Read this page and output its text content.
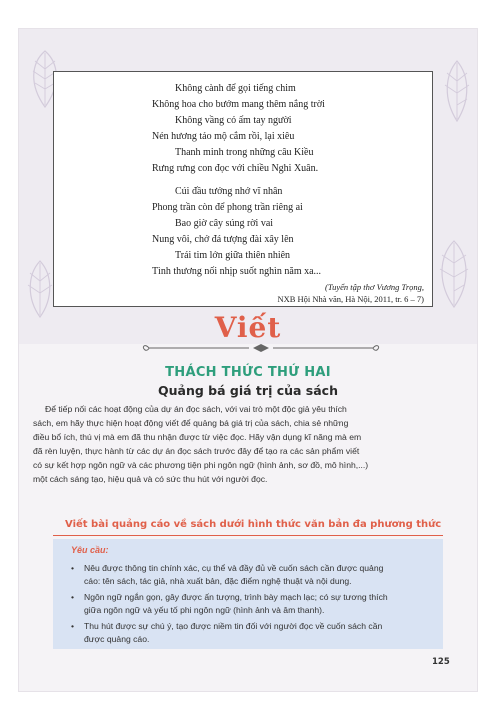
Không cành để gọi tiếng chim
Không hoa cho bướm mang thêm nắng trời
Không vầng cỏ ấm tay người
Nén hương tảo mộ cắm rồi, lại xiêu
Thanh minh trong những câu Kiều
Rưng rưng con đọc với chiều Nghi Xuân.
Cúi đầu tưởng nhớ vĩ nhân
Phong trần còn để phong trần riêng ai
Bao giờ cây súng rời vai
Nung vôi, chở đá tượng đài xây lên
Trái tim lớn giữa thiên nhiên
Tình thương nối nhịp suốt nghìn năm xa...
(Tuyển tập thơ Vương Trọng,
NXB Hội Nhà văn, Hà Nội, 2011, tr. 6 – 7)
Viết
THÁCH THỨC THỨ HAI
Quảng bá giá trị của sách
Để tiếp nối các hoạt động của dự án đọc sách, với vai trò một độc giả yêu thích
sách, em hãy thực hiện hoạt động viết để quảng bá giá trị của sách, chia sẻ những
điều bổ ích, thú vị mà em đã thu nhận được từ việc đọc. Hãy vận dụng kĩ năng mà em
đã rèn luyện, thực hành từ các dự án đọc sách trước đây để tạo ra các sản phẩm viết
có sự kết hợp ngôn ngữ và các phương tiện phi ngôn ngữ (hình ảnh, sơ đồ, mô hình,...)
một cách sáng tạo, hiệu quả và có sức thu hút với người đọc.
Viết bài quảng cáo về sách dưới hình thức văn bản đa phương thức
Yêu cầu:
• Nêu được thông tin chính xác, cụ thể và đầy đủ về cuốn sách cần được quảng
cáo: tên sách, tác giả, nhà xuất bản, đặc điểm nghệ thuật và nội dung.
• Ngôn ngữ ngắn gọn, gây được ấn tượng, trình bày mạch lạc; có sự tương thích
giữa ngôn ngữ và yếu tố phi ngôn ngữ (hình ảnh và âm thanh).
• Thu hút được sự chú ý, tạo được niềm tin đối với người đọc về cuốn sách cần
được quảng cáo.
125
